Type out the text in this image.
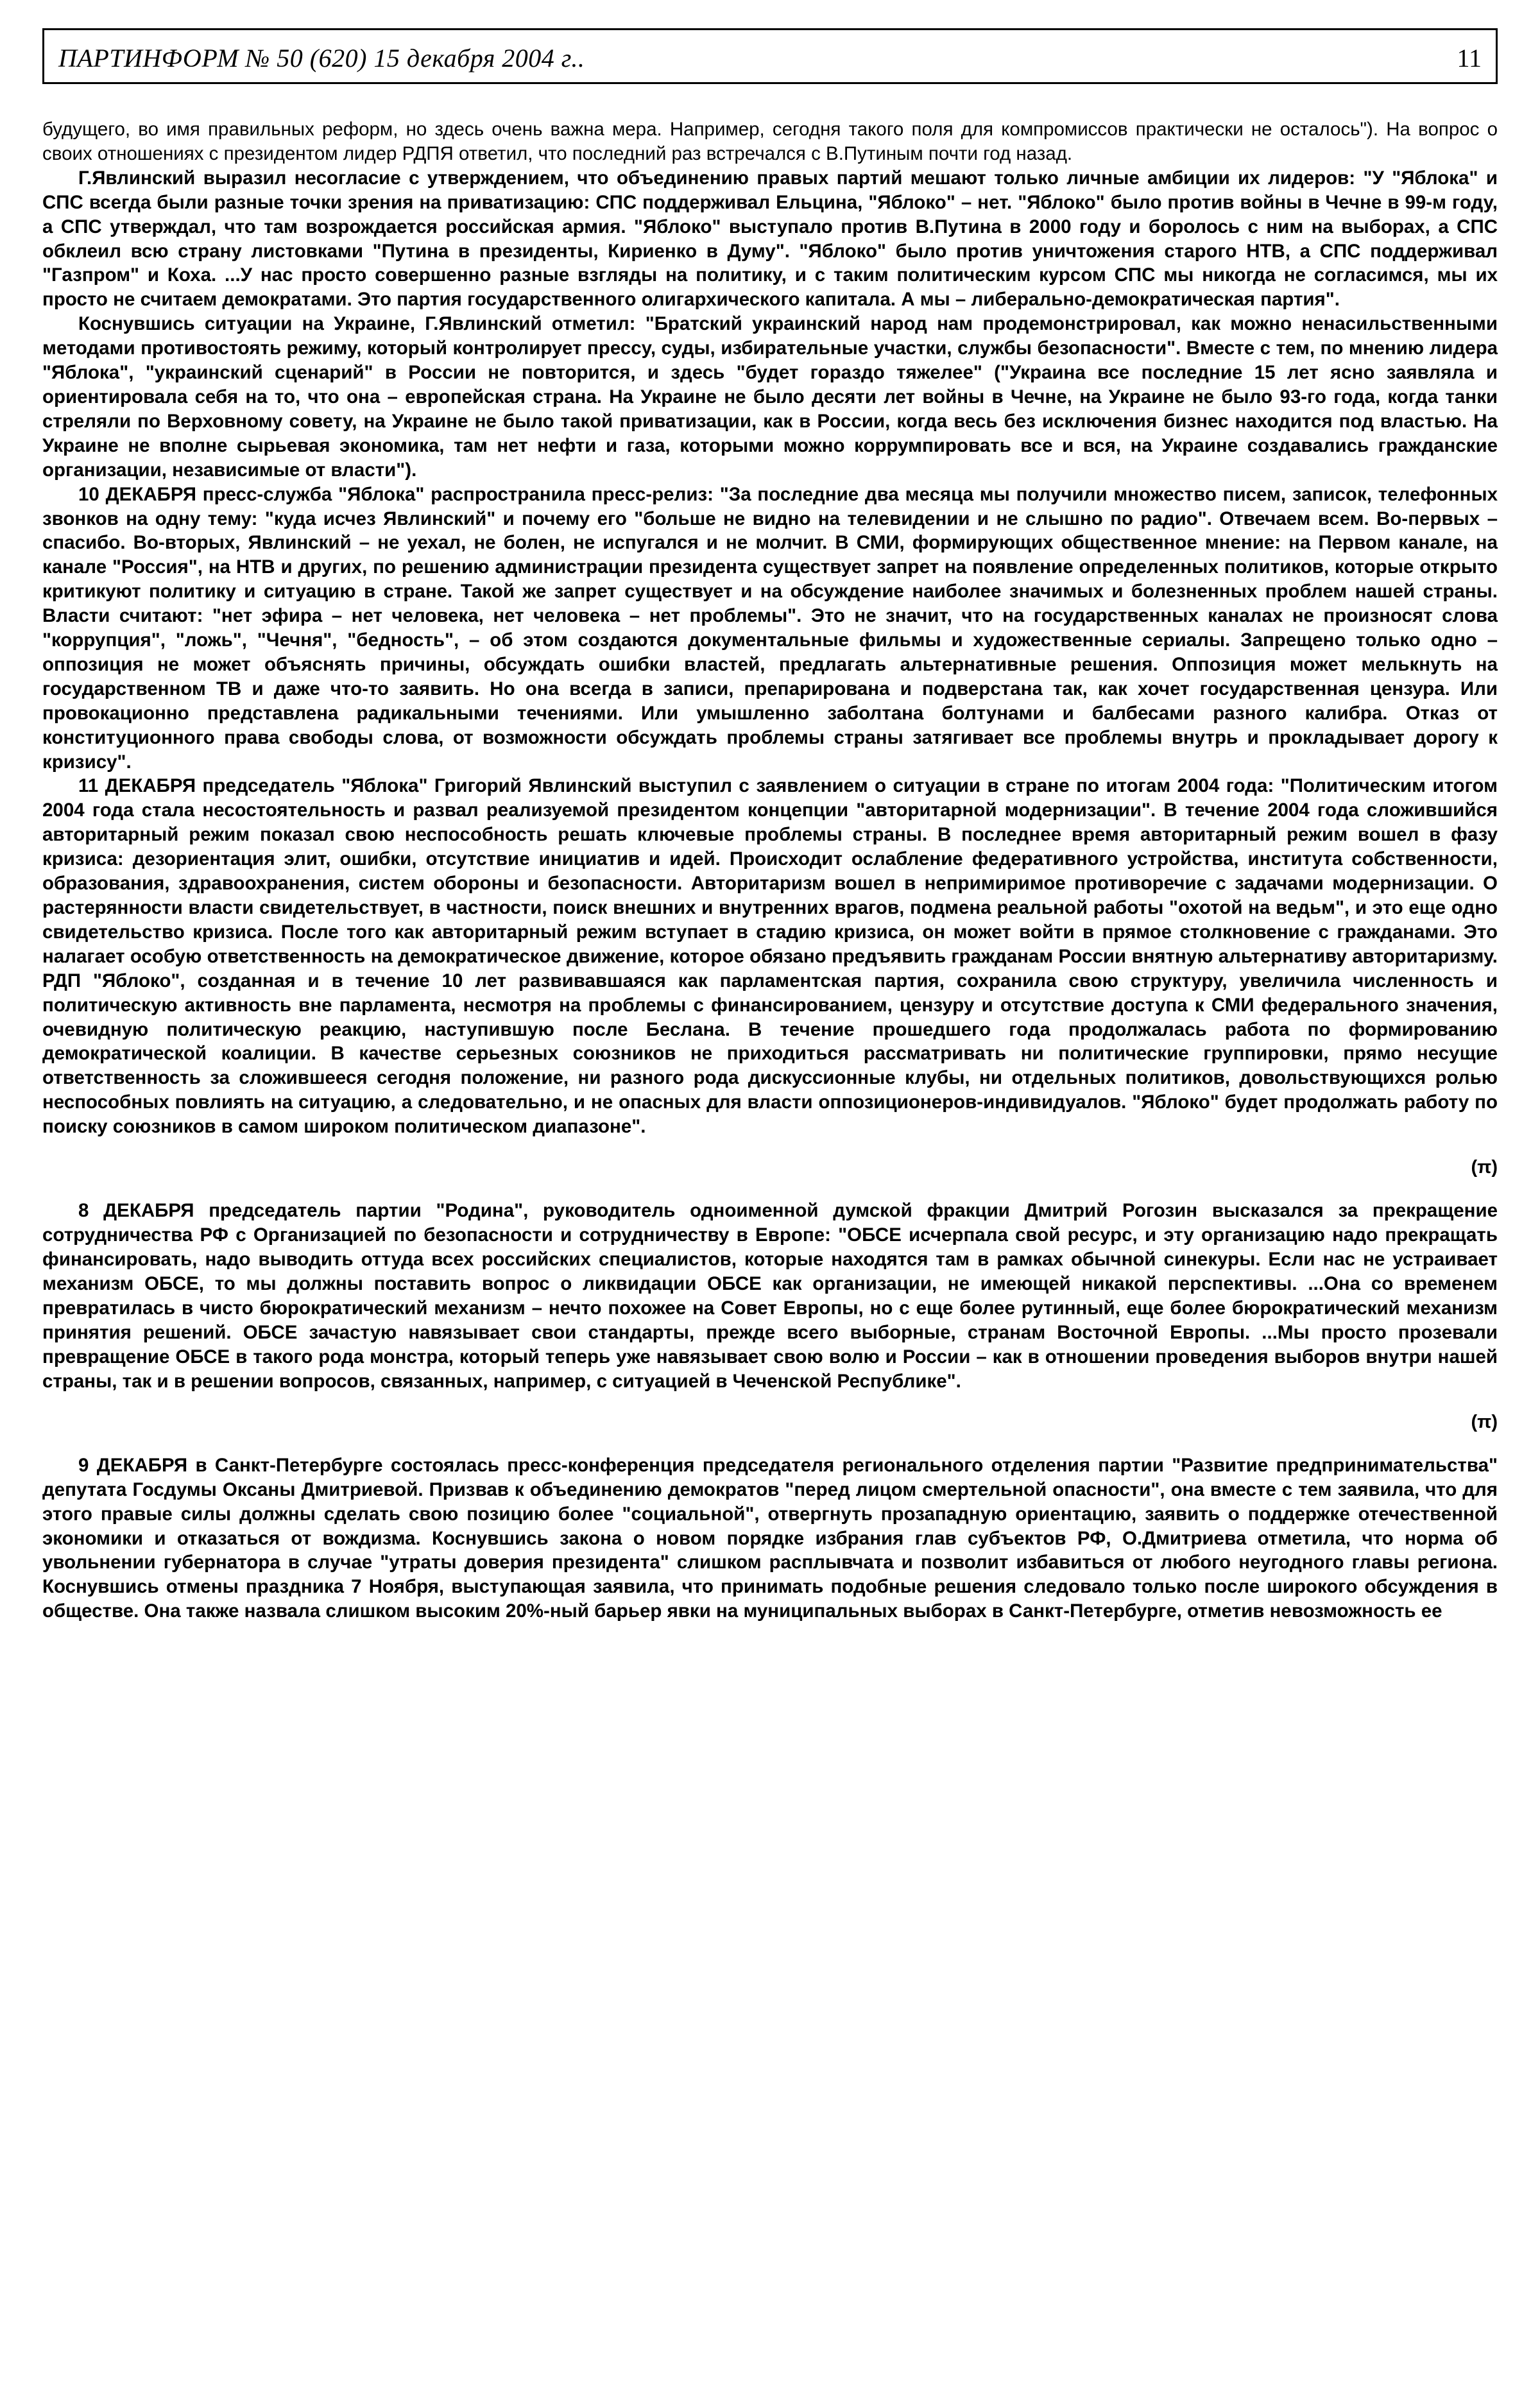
ПАРТИНФОРМ № 50 (620) 15 декабря 2004 г..	11

будущего, во имя правильных реформ, но здесь очень важна мера. Например, сегодня такого поля для компромиссов практически не осталось"). На вопрос о своих отношениях с президентом лидер РДПЯ ответил, что последний раз встречался с В.Путиным почти год назад.

Г.Явлинский выразил несогласие с утверждением, что объединению правых партий мешают только личные амбиции их лидеров: "У "Яблока" и СПС всегда были разные точки зрения на приватизацию: СПС поддерживал Ельцина, "Яблоко" – нет. "Яблоко" было против войны в Чечне в 99-м году, а СПС утверждал, что там возрождается российская армия. "Яблоко" выступало против В.Путина в 2000 году и боролось с ним на выборах, а СПС обклеил всю страну листовками "Путина в президенты, Кириенко в Думу". "Яблоко" было против уничтожения старого НТВ, а СПС поддерживал "Газпром" и Коха. ...У нас просто совершенно разные взгляды на политику, и с таким политическим курсом СПС мы никогда не согласимся, мы их просто не считаем демократами. Это партия государственного олигархического капитала. А мы – либерально-демократическая партия".

Коснувшись ситуации на Украине, Г.Явлинский отметил: "Братский украинский народ нам продемонстрировал, как можно ненасильственными методами противостоять режиму, который контролирует прессу, суды, избирательные участки, службы безопасности". Вместе с тем, по мнению лидера "Яблока", "украинский сценарий" в России не повторится, и здесь "будет гораздо тяжелее" ("Украина все последние 15 лет ясно заявляла и ориентировала себя на то, что она – европейская страна. На Украине не было десяти лет войны в Чечне, на Украине не было 93-го года, когда танки стреляли по Верховному совету, на Украине не было такой приватизации, как в России, когда весь без исключения бизнес находится под властью. На Украине не вполне сырьевая экономика, там нет нефти и газа, которыми можно коррумпировать все и вся, на Украине создавались гражданские организации, независимые от власти").

10 ДЕКАБРЯ пресс-служба "Яблока" распространила пресс-релиз: "За последние два месяца мы получили множество писем, записок, телефонных звонков на одну тему: "куда исчез Явлинский" и почему его "больше не видно на телевидении и не слышно по радио". Отвечаем всем. Во-первых – спасибо. Во-вторых, Явлинский – не уехал, не болен, не испугался и не молчит. В СМИ, формирующих общественное мнение: на Первом канале, на канале "Россия", на НТВ и других, по решению администрации президента существует запрет на появление определенных политиков, которые открыто критикуют политику и ситуацию в стране. Такой же запрет существует и на обсуждение наиболее значимых и болезненных проблем нашей страны. Власти считают: "нет эфира – нет человека, нет человека – нет проблемы". Это не значит, что на государственных каналах не произносят слова "коррупция", "ложь", "Чечня", "бедность", – об этом создаются документальные фильмы и художественные сериалы. Запрещено только одно – оппозиция не может объяснять причины, обсуждать ошибки властей, предлагать альтернативные решения. Оппозиция может мелькнуть на государственном ТВ и даже что-то заявить. Но она всегда в записи, препарирована и подверстана так, как хочет государственная цензура. Или провокационно представлена радикальными течениями. Или умышленно заболтана болтунами и балбесами разного калибра. Отказ от конституционного права свободы слова, от возможности обсуждать проблемы страны затягивает все проблемы внутрь и прокладывает дорогу к кризису".

11 ДЕКАБРЯ председатель "Яблока" Григорий Явлинский выступил с заявлением о ситуации в стране по итогам 2004 года: "Политическим итогом 2004 года стала несостоятельность и развал реализуемой президентом концепции "авторитарной модернизации". В течение 2004 года сложившийся авторитарный режим показал свою неспособность решать ключевые проблемы страны. В последнее время авторитарный режим вошел в фазу кризиса: дезориентация элит, ошибки, отсутствие инициатив и идей. Происходит ослабление федеративного устройства, института собственности, образования, здравоохранения, систем обороны и безопасности. Авторитаризм вошел в непримиримое противоречие с задачами модернизации. О растерянности власти свидетельствует, в частности, поиск внешних и внутренних врагов, подмена реальной работы "охотой на ведьм", и это еще одно свидетельство кризиса. После того как авторитарный режим вступает в стадию кризиса, он может войти в прямое столкновение с гражданами. Это налагает особую ответственность на демократическое движение, которое обязано предъявить гражданам России внятную альтернативу авторитаризму. РДП "Яблоко", созданная и в течение 10 лет развивавшаяся как парламентская партия, сохранила свою структуру, увеличила численность и политическую активность вне парламента, несмотря на проблемы с финансированием, цензуру и отсутствие доступа к СМИ федерального значения, очевидную политическую реакцию, наступившую после Беслана. В течение прошедшего года продолжалась работа по формированию демократической коалиции. В качестве серьезных союзников не приходиться рассматривать ни политические группировки, прямо несущие ответственность за сложившееся сегодня положение, ни разного рода дискуссионные клубы, ни отдельных политиков, довольствующихся ролью неспособных повлиять на ситуацию, а следовательно, и не опасных для власти оппозиционеров-индивидуалов. "Яблоко" будет продолжать работу по поиску союзников в самом широком политическом диапазоне".

(π)

8 ДЕКАБРЯ председатель партии "Родина", руководитель одноименной думской фракции Дмитрий Рогозин высказался за прекращение сотрудничества РФ с Организацией по безопасности и сотрудничеству в Европе: "ОБСЕ исчерпала свой ресурс, и эту организацию надо прекращать финансировать, надо выводить оттуда всех российских специалистов, которые находятся там в рамках обычной синекуры. Если нас не устраивает механизм ОБСЕ, то мы должны поставить вопрос о ликвидации ОБСЕ как организации, не имеющей никакой перспективы. ...Она со временем превратилась в чисто бюрократический механизм – нечто похожее на Совет Европы, но с еще более рутинный, еще более бюрократический механизм принятия решений. ОБСЕ зачастую навязывает свои стандарты, прежде всего выборные, странам Восточной Европы. ...Мы просто прозевали превращение ОБСЕ в такого рода монстра, который теперь уже навязывает свою волю и России – как в отношении проведения выборов внутри нашей страны, так и в решении вопросов, связанных, например, с ситуацией в Чеченской Республике".

(π)

9 ДЕКАБРЯ в Санкт-Петербурге состоялась пресс-конференция председателя регионального отделения партии "Развитие предпринимательства" депутата Госдумы Оксаны Дмитриевой. Призвав к объединению демократов "перед лицом смертельной опасности", она вместе с тем заявила, что для этого правые силы должны сделать свою позицию более "социальной", отвергнуть прозападную ориентацию, заявить о поддержке отечественной экономики и отказаться от вождизма. Коснувшись закона о новом порядке избрания глав субъектов РФ, О.Дмитриева отметила, что норма об увольнении губернатора в случае "утраты доверия президента" слишком расплывчата и позволит избавиться от любого неугодного главы региона. Коснувшись отмены праздника 7 Ноября, выступающая заявила, что принимать подобные решения следовало только после широкого обсуждения в обществе. Она также назвала слишком высоким 20%-ный барьер явки на муниципальных выборах в Санкт-Петербурге, отметив невозможность ее
